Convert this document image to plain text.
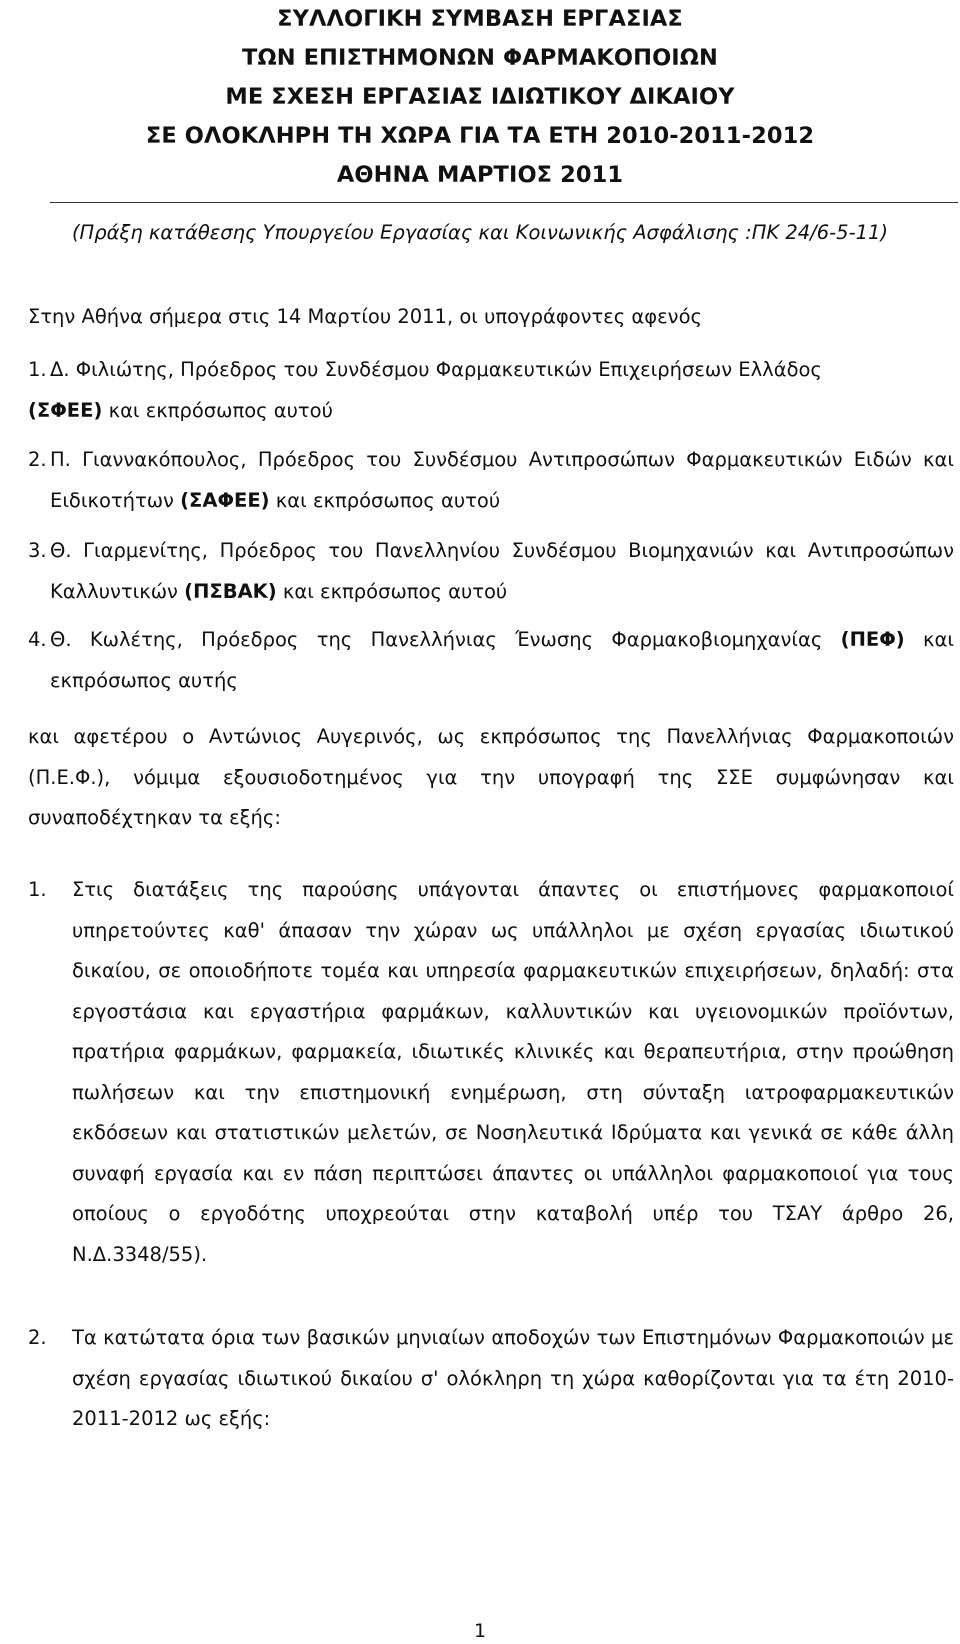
ΣΥΛΛΟΓΙΚΗ ΣΥΜΒΑΣΗ ΕΡΓΑΣΙΑΣ
ΤΩΝ ΕΠΙΣΤΗΜΟΝΩΝ ΦΑΡΜΑΚΟΠΟΙΩΝ
ΜΕ ΣΧΕΣΗ ΕΡΓΑΣΙΑΣ ΙΔΙΩΤΙΚΟΥ ΔΙΚΑΙΟΥ
ΣΕ ΟΛΟΚΛΗΡΗ ΤΗ ΧΩΡΑ ΓΙΑ ΤΑ ΕΤΗ 2010-2011-2012
ΑΘΗΝΑ ΜΑΡΤΙΟΣ 2011
(Πράξη κατάθεσης Υπουργείου Εργασίας και Κοινωνικής Ασφάλισης :ΠΚ 24/6-5-11)
Στην Αθήνα σήμερα στις 14 Μαρτίου 2011, οι υπογράφοντες αφενός
1. Δ. Φιλιώτης, Πρόεδρος του Συνδέσμου Φαρμακευτικών Επιχειρήσεων Ελλάδος
(ΣΦΕΕ) και εκπρόσωπος αυτού
2. Π. Γιαννακόπουλος, Πρόεδρος του Συνδέσμου Αντιπροσώπων Φαρμακευτικών Ειδών και Ειδικοτήτων (ΣΑΦΕΕ) και εκπρόσωπος αυτού
3. Θ. Γιαρμενίτης, Πρόεδρος του Πανελληνίου Συνδέσμου Βιομηχανιών και Αντιπροσώπων Καλλυντικών (ΠΣΒΑΚ) και εκπρόσωπος αυτού
4. Θ. Κωλέτης, Πρόεδρος της Πανελλήνιας Ένωσης Φαρμακοβιομηχανίας (ΠΕΦ) και εκπρόσωπος αυτής
και αφετέρου ο Αντώνιος Αυγερινός, ως εκπρόσωπος της Πανελλήνιας Φαρμακοποιών (Π.Ε.Φ.), νόμιμα εξουσιοδοτημένος για την υπογραφή της ΣΣΕ συμφώνησαν και συναποδέχτηκαν τα εξής:
1. Στις διατάξεις της παρούσης υπάγονται άπαντες οι επιστήμονες φαρμακοποιοί υπηρετούντες καθ' άπασαν την χώραν ως υπάλληλοι με σχέση εργασίας ιδιωτικού δικαίου, σε οποιοδήποτε τομέα και υπηρεσία φαρμακευτικών επιχειρήσεων, δηλαδή: στα εργοστάσια και εργαστήρια φαρμάκων, καλλυντικών και υγειονομικών προϊόντων, πρατήρια φαρμάκων, φαρμακεία, ιδιωτικές κλινικές και θεραπευτήρια, στην προώθηση πωλήσεων και την επιστημονική ενημέρωση, στη σύνταξη ιατροφαρμακευτικών εκδόσεων και στατιστικών μελετών, σε Νοσηλευτικά Ιδρύματα και γενικά σε κάθε άλλη συναφή εργασία και εν πάση περιπτώσει άπαντες οι υπάλληλοι φαρμακοποιοί για τους οποίους ο εργοδότης υποχρεούται στην καταβολή υπέρ του ΤΣΑΥ άρθρο 26, Ν.Δ.3348/55).
2. Τα κατώτατα όρια των βασικών μηνιαίων αποδοχών των Επιστημόνων Φαρμακοποιών με σχέση εργασίας ιδιωτικού δικαίου σ' ολόκληρη τη χώρα καθορίζονται για τα έτη 2010-2011-2012 ως εξής:
1
